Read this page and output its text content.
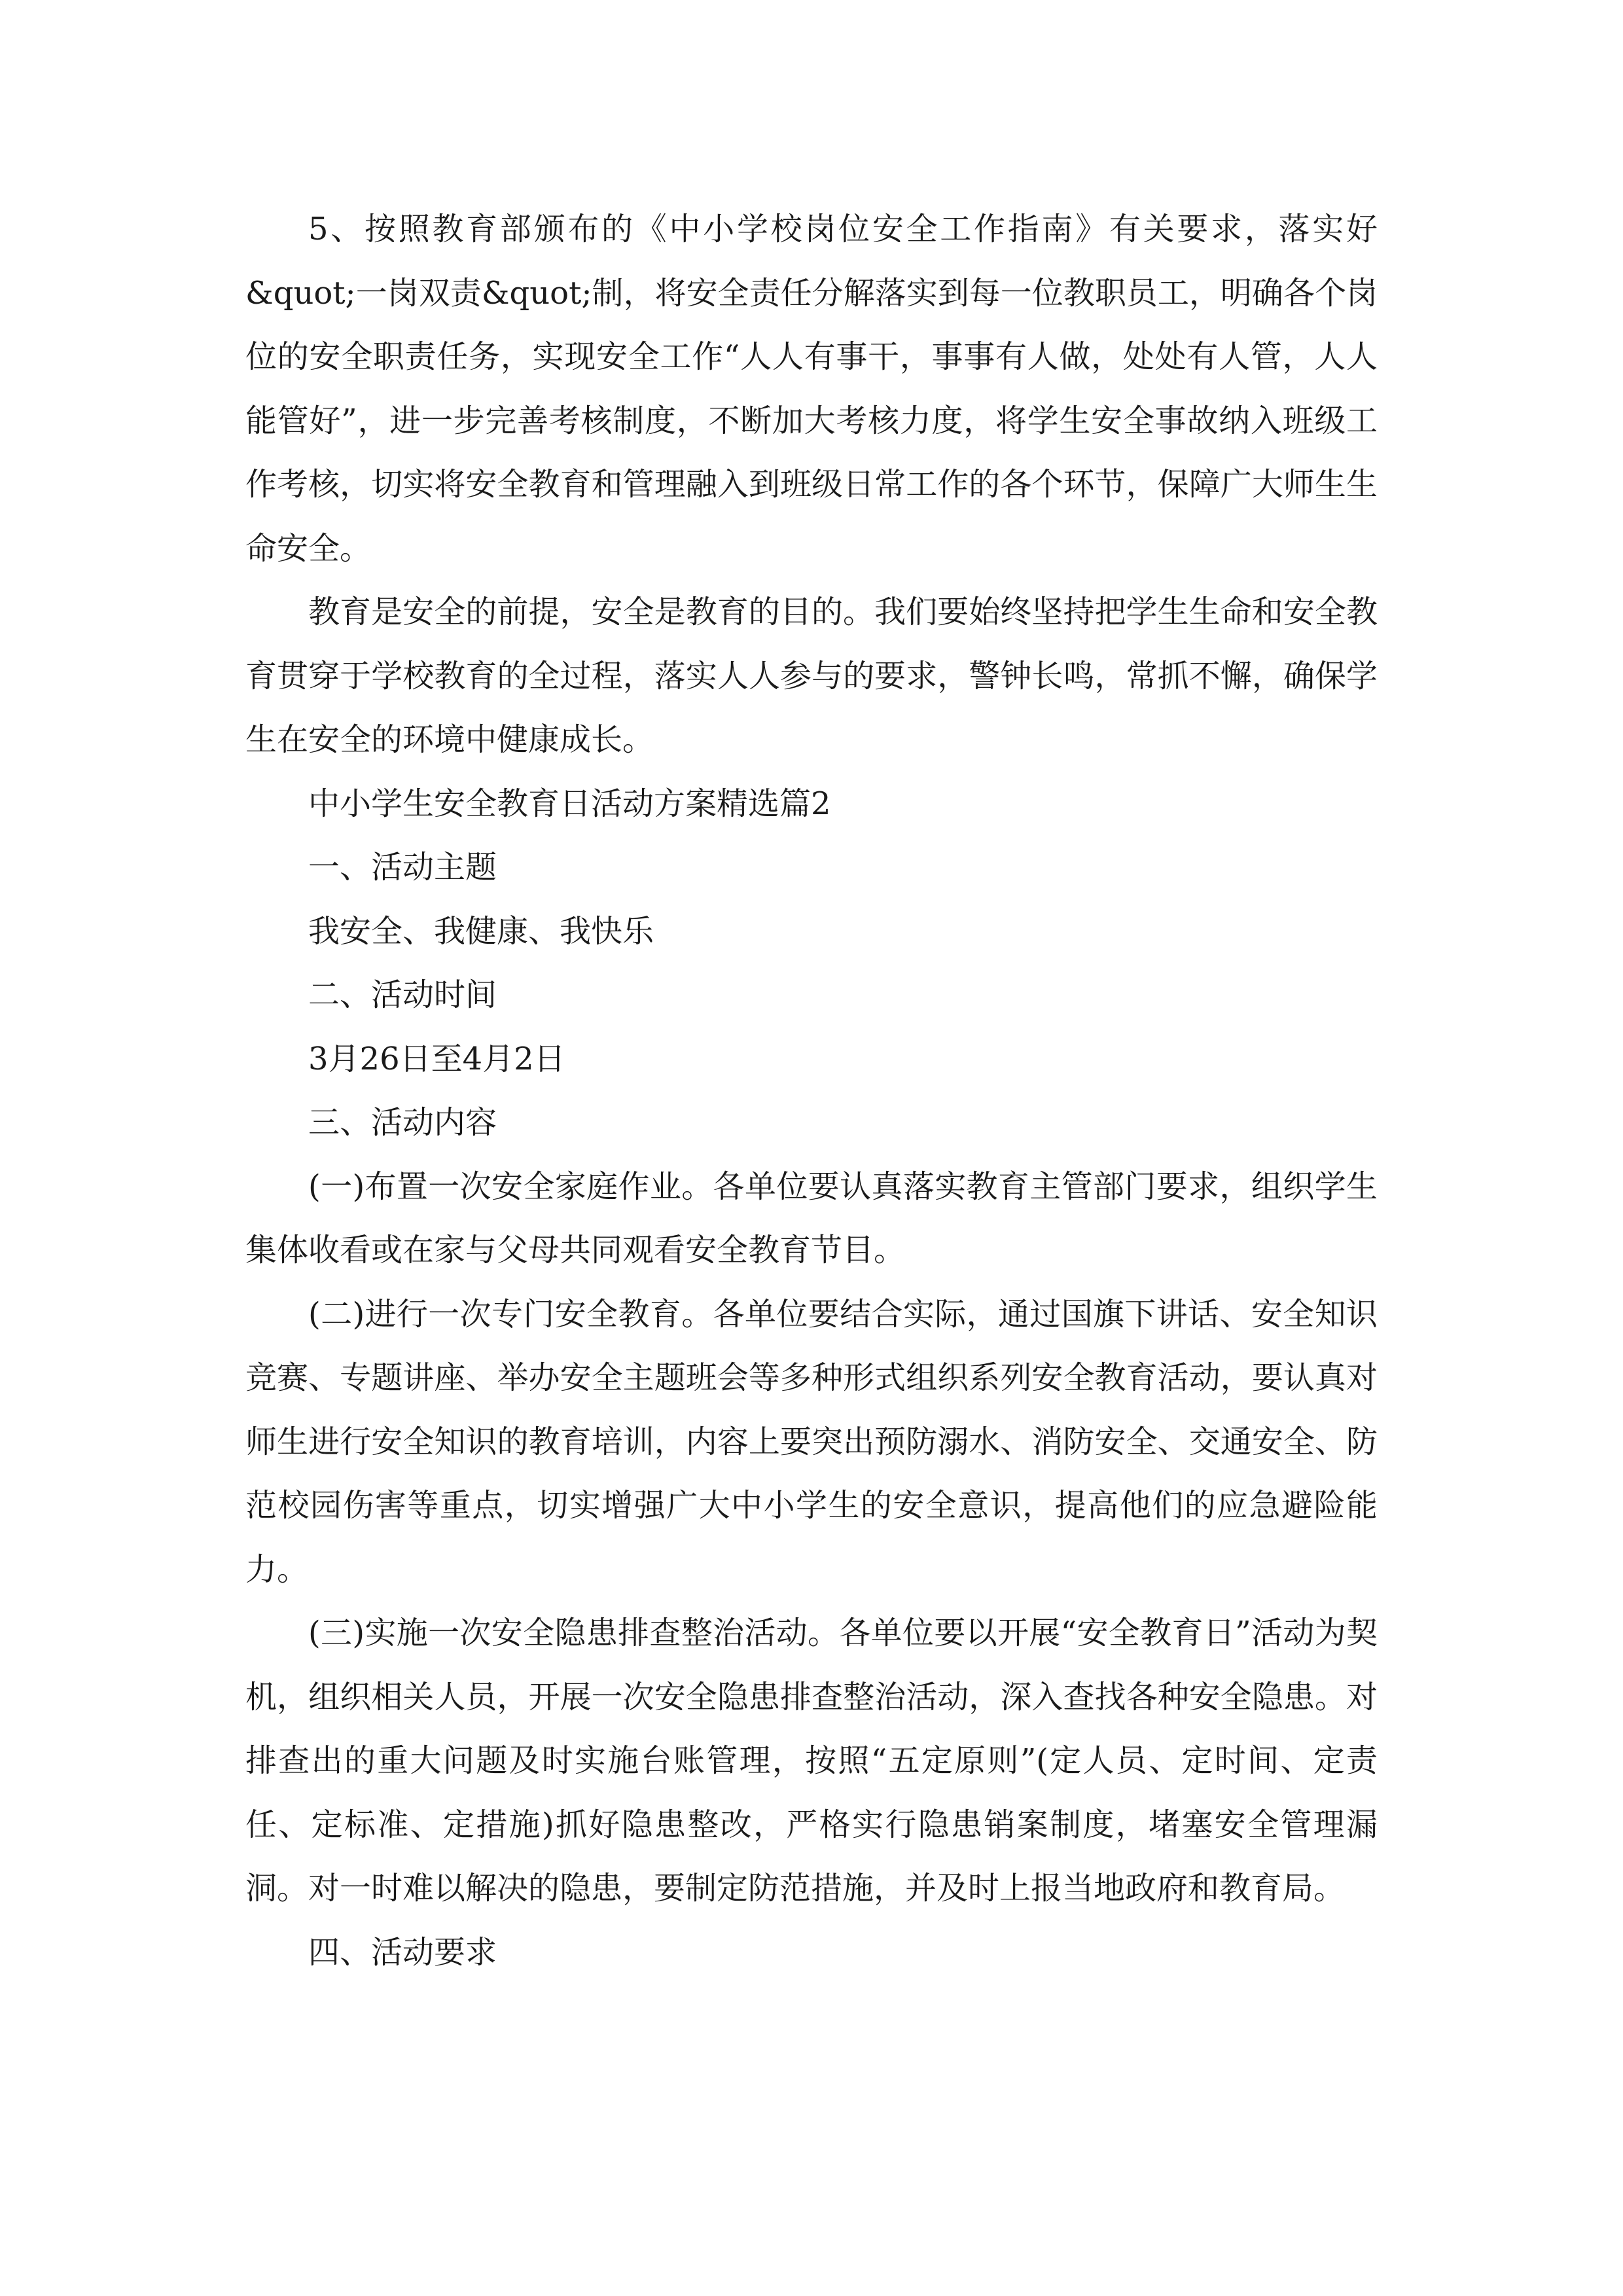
5、按照教育部颁布的《中小学校岗位安全工作指南》有关要求，落实好&quot;一岗双责&quot;制，将安全责任分解落实到每一位教职员工，明确各个岗位的安全职责任务，实现安全工作“人人有事干，事事有人做，处处有人管，人人能管好”，进一步完善考核制度，不断加大考核力度，将学生安全事故纳入班级工作考核，切实将安全教育和管理融入到班级日常工作的各个环节，保障广大师生生命安全。

教育是安全的前提，安全是教育的目的。我们要始终坚持把学生生命和安全教育贯穿于学校教育的全过程，落实人人参与的要求，警钟长鸣，常抓不懈，确保学生在安全的环境中健康成长。

中小学生安全教育日活动方案精选篇2

一、活动主题

我安全、我健康、我快乐

二、活动时间

3月26日至4月2日

三、活动内容

(一)布置一次安全家庭作业。各单位要认真落实教育主管部门要求，组织学生集体收看或在家与父母共同观看安全教育节目。

(二)进行一次专门安全教育。各单位要结合实际，通过国旗下讲话、安全知识竞赛、专题讲座、举办安全主题班会等多种形式组织系列安全教育活动，要认真对师生进行安全知识的教育培训，内容上要突出预防溺水、消防安全、交通安全、防范校园伤害等重点，切实增强广大中小学生的安全意识，提高他们的应急避险能力。

(三)实施一次安全隐患排查整治活动。各单位要以开展“安全教育日”活动为契机，组织相关人员，开展一次安全隐患排查整治活动，深入查找各种安全隐患。对排查出的重大问题及时实施台账管理，按照“五定原则”(定人员、定时间、定责任、定标准、定措施)抓好隐患整改，严格实行隐患销案制度，堵塞安全管理漏洞。对一时难以解决的隐患，要制定防范措施，并及时上报当地政府和教育局。

四、活动要求
